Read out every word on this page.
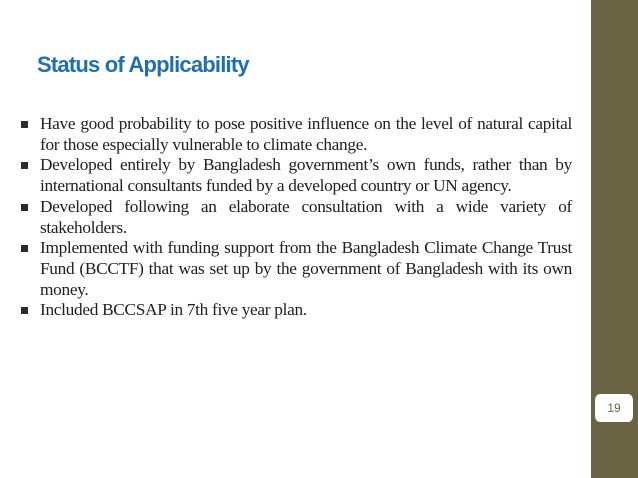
Status of Applicability
Have good probability to pose positive influence on the level of natural capital for those especially vulnerable to climate change.
Developed entirely by Bangladesh government’s own funds, rather than by international consultants funded by a developed country or UN agency.
Developed following an elaborate consultation with a wide variety of stakeholders.
Implemented with funding support from the Bangladesh Climate Change Trust Fund (BCCTF) that was set up by the government of Bangladesh with its own money.
Included BCCSAP in 7th five year plan.
19
